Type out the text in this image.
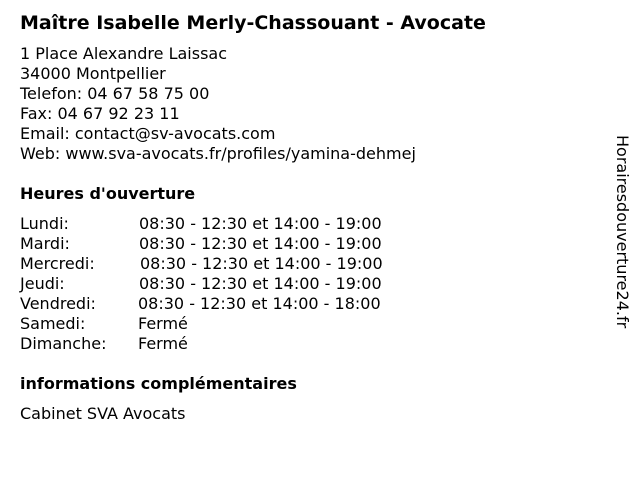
Maître Isabelle Merly-Chassouant - Avocate
1 Place Alexandre Laissac
34000 Montpellier
Telefon: 04 67 58 75 00
Fax: 04 67 92 23 11
Email: contact@sv-avocats.com
Web: www.sva-avocats.fr/profiles/yamina-dehmej
Heures d'ouverture
Lundi:	08:30 - 12:30 et 14:00 - 19:00
Mardi:	08:30 - 12:30 et 14:00 - 19:00
Mercredi:	08:30 - 12:30 et 14:00 - 19:00
Jeudi:	08:30 - 12:30 et 14:00 - 19:00
Vendredi:	08:30 - 12:30 et 14:00 - 18:00
Samedi:	Fermé
Dimanche: Fermé
informations complémentaires
Cabinet SVA Avocats
Horairesdouverture24.fr
